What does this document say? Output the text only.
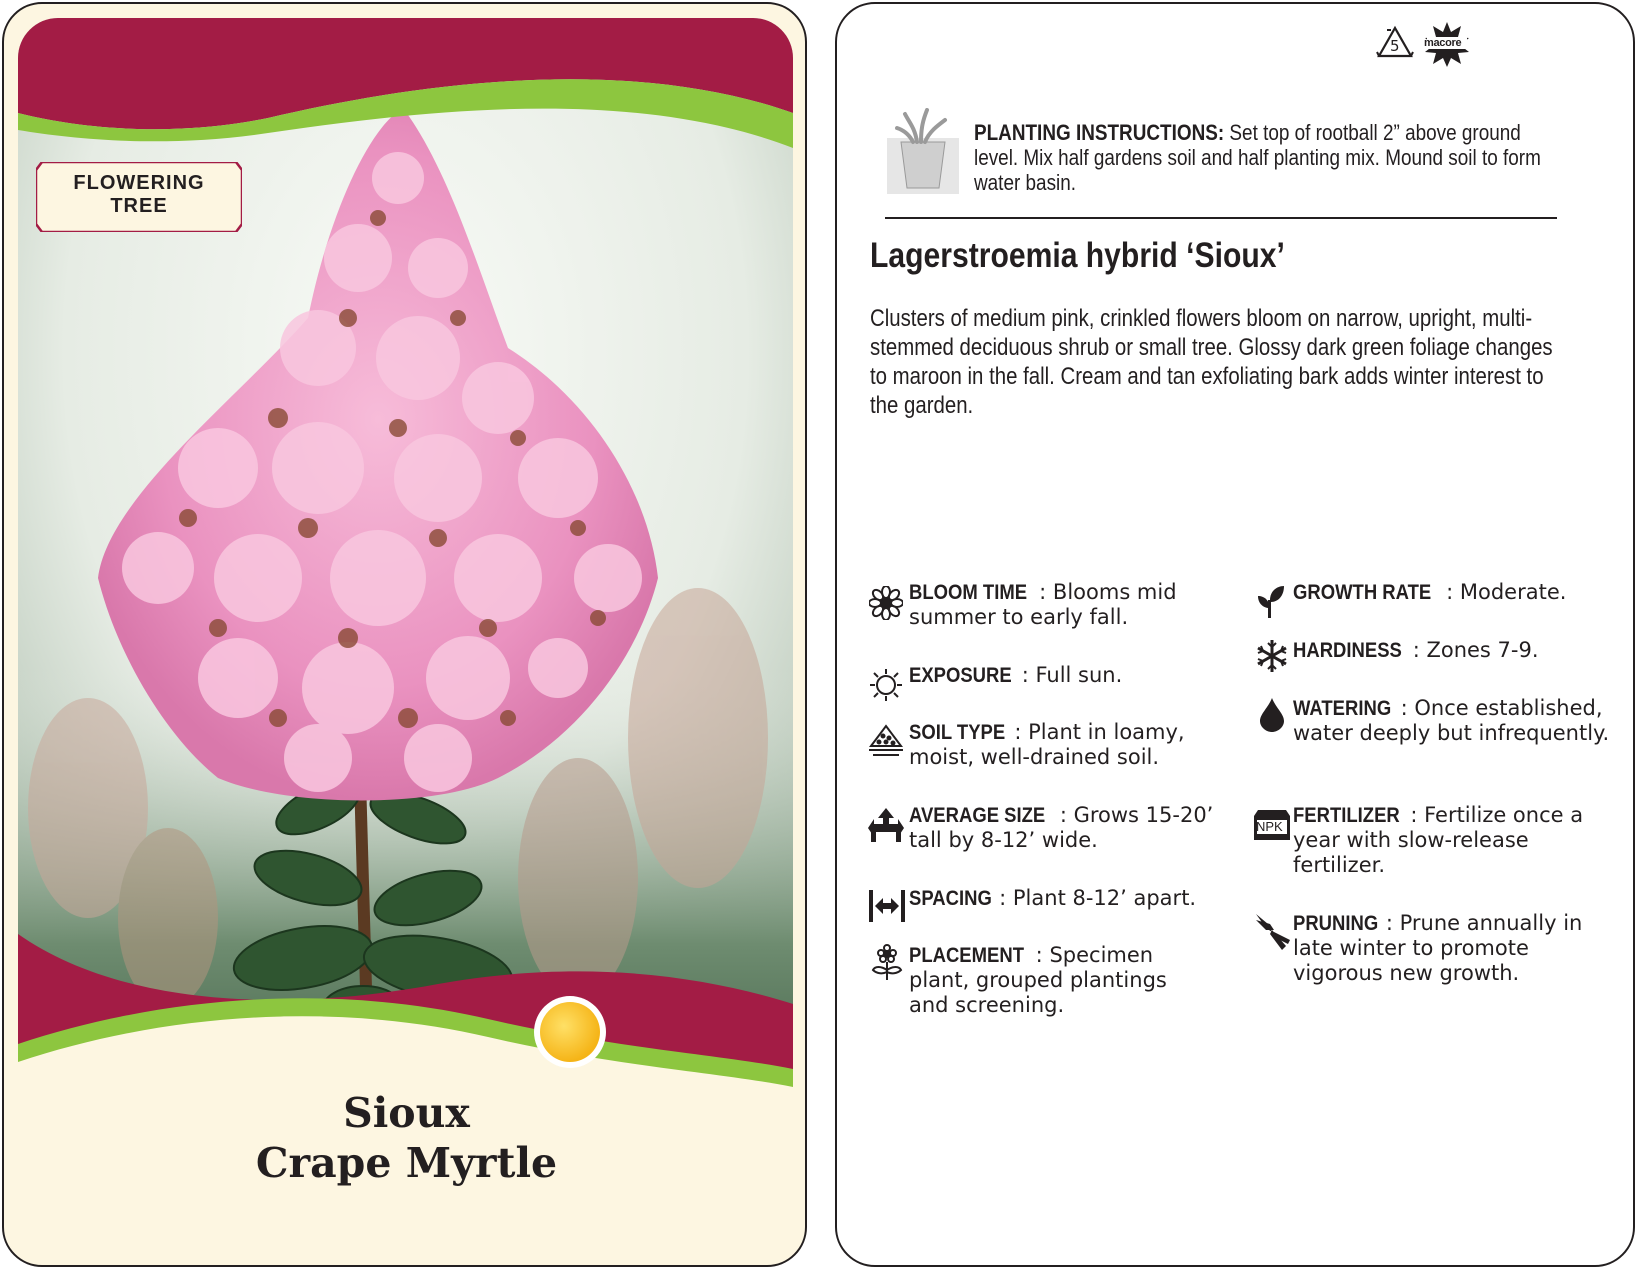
FLOWERING
TREE
Sioux
Crape Myrtle
5 macore
PLANTING INSTRUCTIONS: Set top of rootball 2” above ground level. Mix half gardens soil and half planting mix. Mound soil to form water basin.
Lagerstroemia hybrid ‘Sioux’
Clusters of medium pink, crinkled flowers bloom on narrow, upright, multi-stemmed deciduous shrub or small tree. Glossy dark green foliage changes to maroon in the fall. Cream and tan exfoliating bark adds winter interest to the garden.
BLOOM TIME : Blooms mid summer to early fall.
EXPOSURE : Full sun.
SOIL TYPE : Plant in loamy, moist, well-drained soil.
AVERAGE SIZE : Grows 15-20’ tall by 8-12’ wide.
SPACING : Plant 8-12’ apart.
PLACEMENT : Specimen plant, grouped plantings and screening.
GROWTH RATE : Moderate.
HARDINESS : Zones 7-9.
WATERING : Once established, water deeply but infrequently.
FERTILIZER : Fertilize once a year with slow-release fertilizer.
NPK
PRUNING : Prune annually in late winter to promote vigorous new growth.
